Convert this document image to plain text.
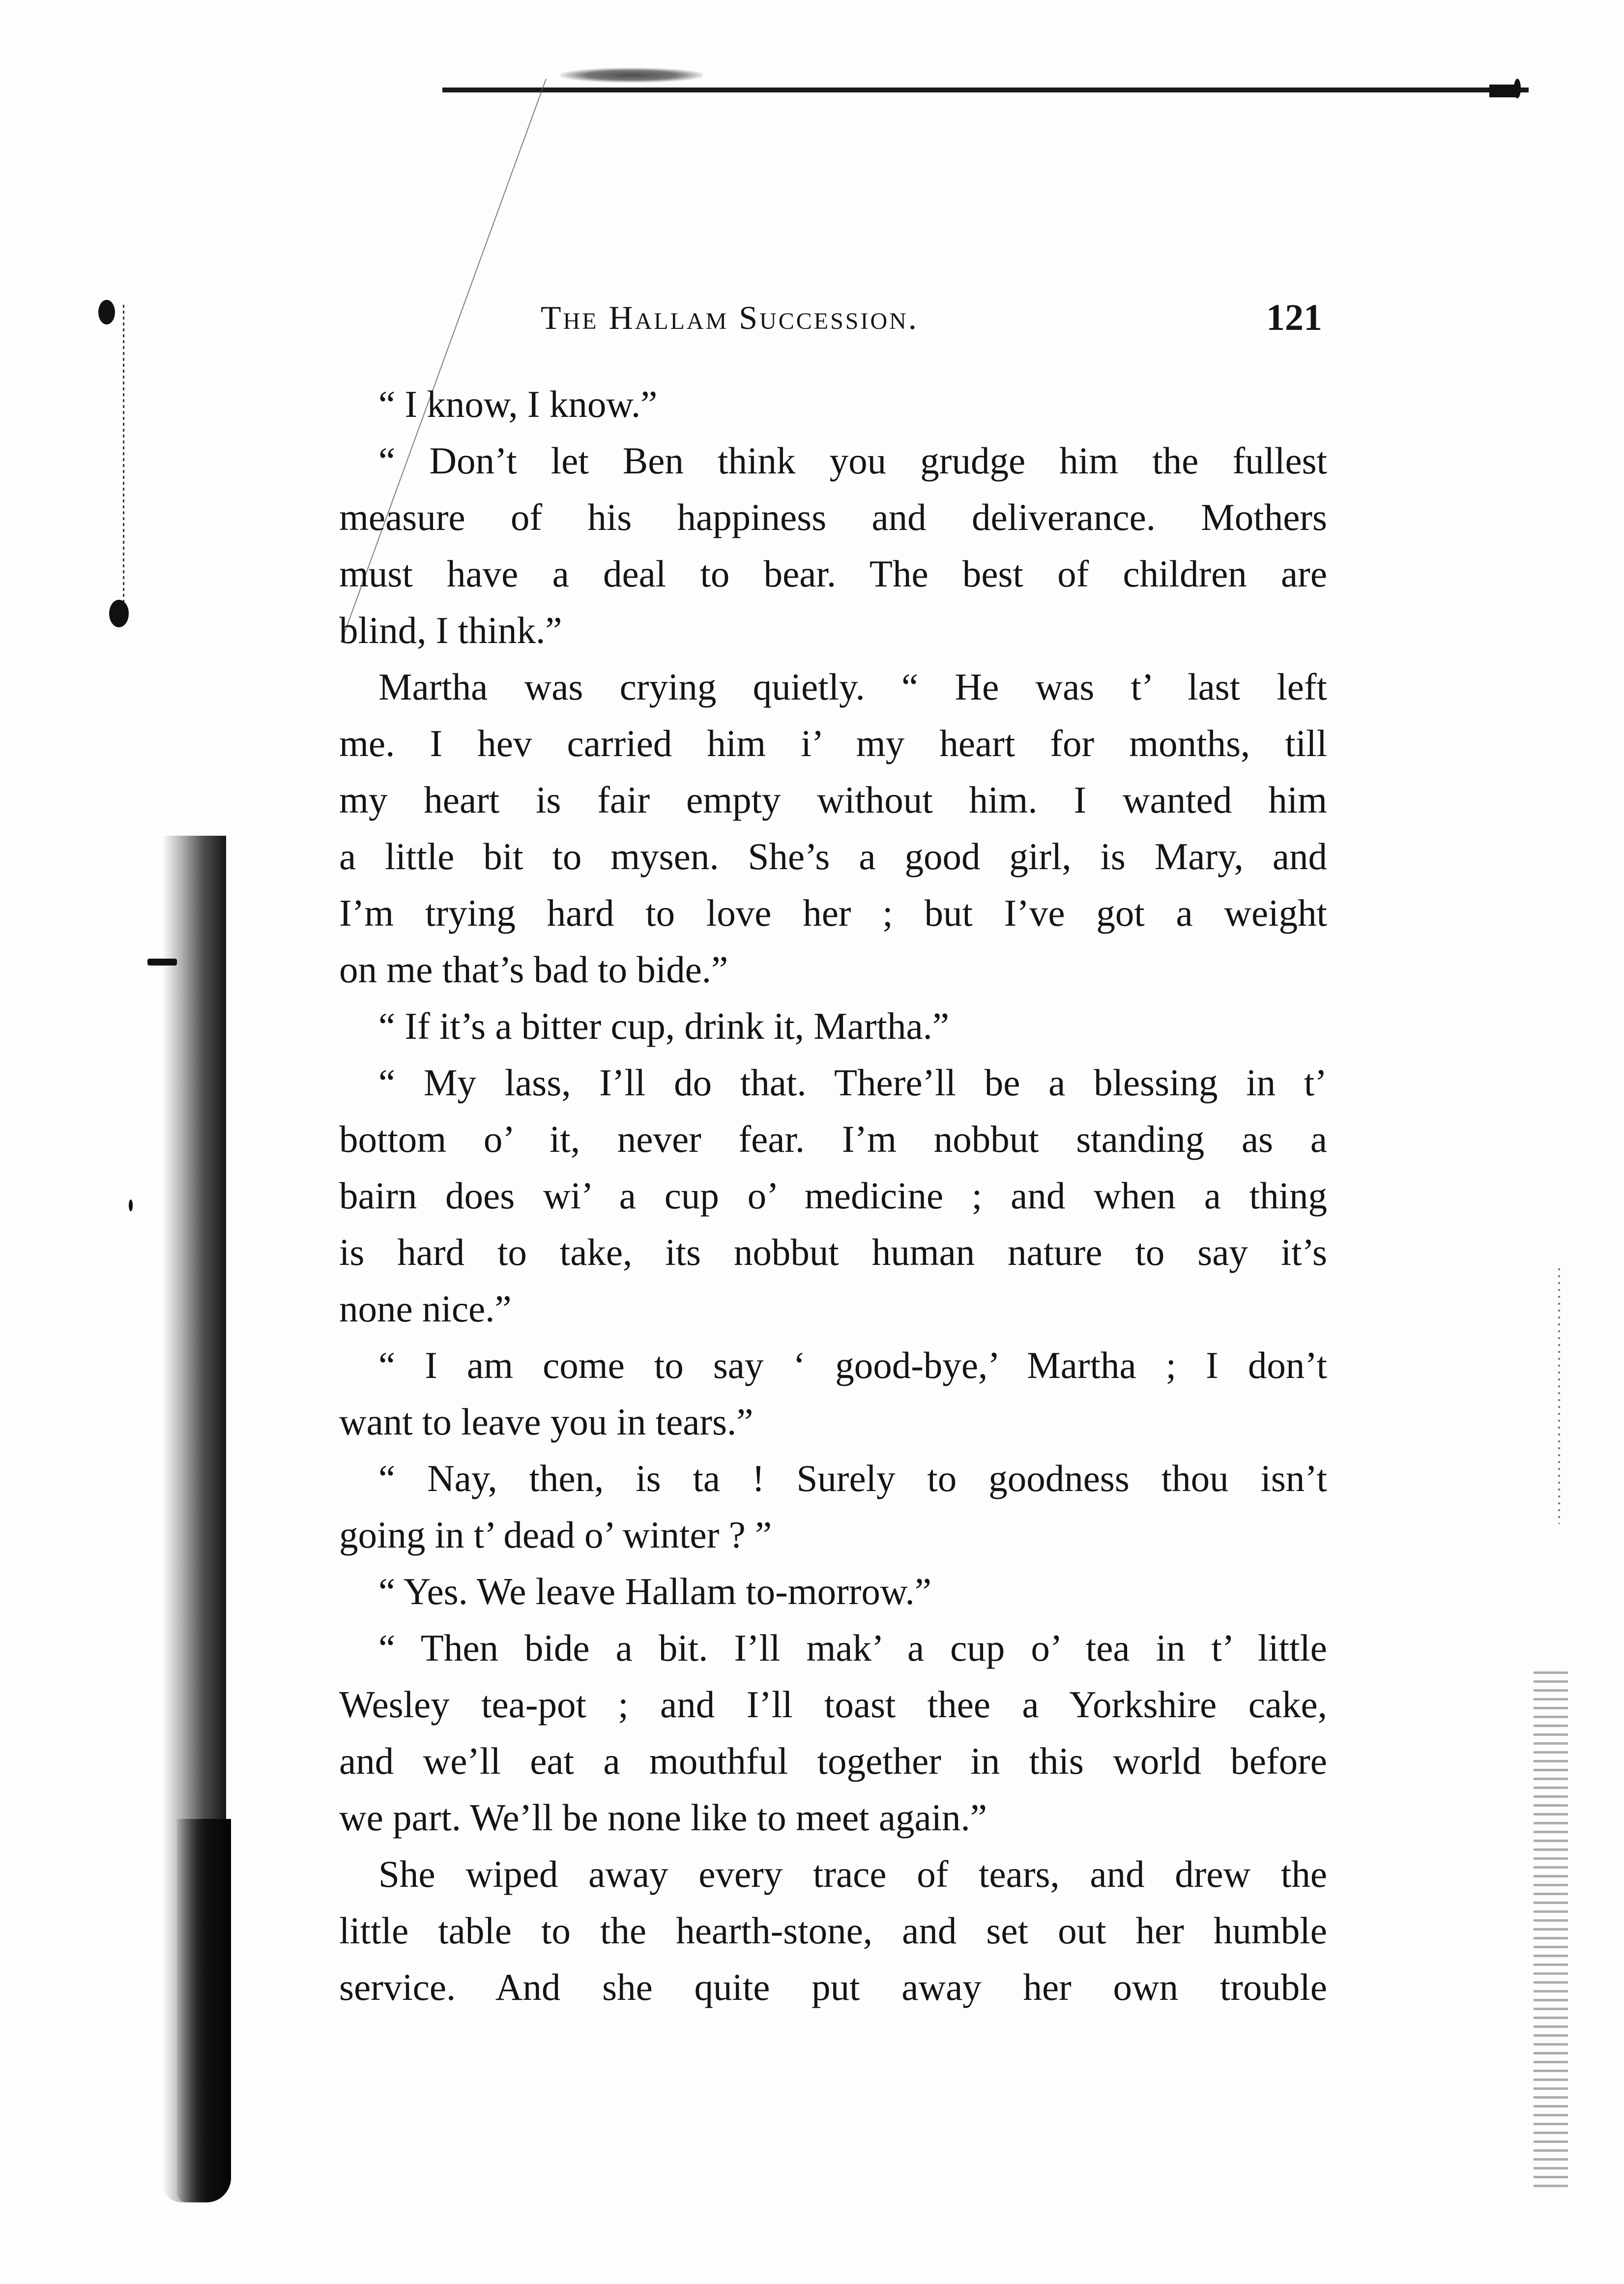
The Hallam Succession.	121
“ I know, I know.”
“ Don’t let Ben think you grudge him the fullest
measure of his happiness and deliverance. Mothers
must have a deal to bear. The best of children are
blind, I think.”
Martha was crying quietly. “ He was t’ last left
me. I hev carried him i’ my heart for months, till
my heart is fair empty without him. I wanted him
a little bit to mysen. She’s a good girl, is Mary, and
I’m trying hard to love her ; but I’ve got a weight
on me that’s bad to bide.”
“ If it’s a bitter cup, drink it, Martha.”
“ My lass, I’ll do that. There’ll be a blessing in t’
bottom o’ it, never fear. I’m nobbut standing as a
bairn does wi’ a cup o’ medicine ; and when a thing
is hard to take, its nobbut human nature to say it’s
none nice.”
“ I am come to say ‘ good-bye,’ Martha ; I don’t
want to leave you in tears.”
“ Nay, then, is ta ! Surely to goodness thou isn’t
going in t’ dead o’ winter ? ”
“ Yes. We leave Hallam to-morrow.”
“ Then bide a bit. I’ll mak’ a cup o’ tea in t’ little
Wesley tea-pot ; and I’ll toast thee a Yorkshire cake,
and we’ll eat a mouthful together in this world before
we part. We’ll be none like to meet again.”
She wiped away every trace of tears, and drew the
little table to the hearth-stone, and set out her humble
service. And she quite put away her own trouble
